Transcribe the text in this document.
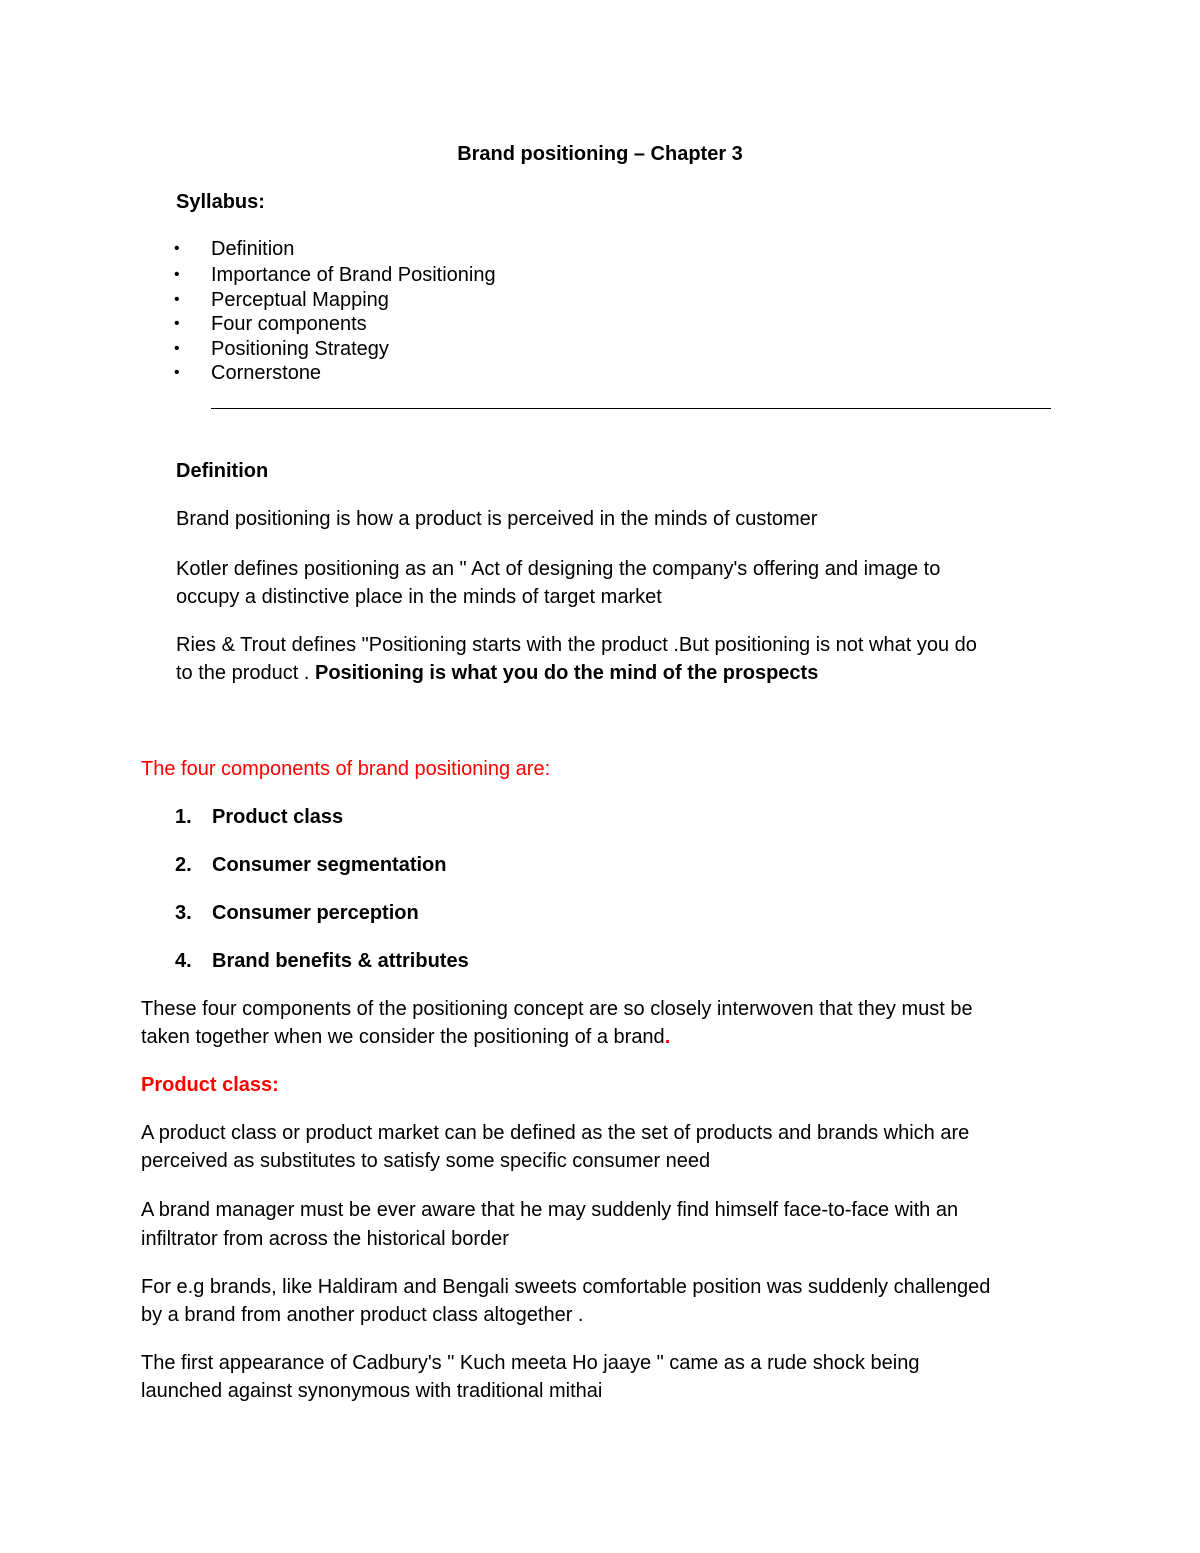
Brand positioning – Chapter 3

Syllabus:

• Definition
• Importance of Brand Positioning
• Perceptual Mapping
• Four components
• Positioning Strategy
• Cornerstone

Definition

Brand positioning is how a product is perceived in the minds of customer

Kotler defines positioning as an " Act of designing the company's offering and image to

occupy a distinctive place in the minds of target market

Ries & Trout defines "Positioning starts with the product .But positioning is not what you do

to the product . Positioning is what you do the mind of the prospects

The four components of brand positioning are:

1. Product class
2. Consumer segmentation
3. Consumer perception
4. Brand benefits & attributes

These four components of the positioning concept are so closely interwoven that they must be

taken together when we consider the positioning of a brand.

Product class:

A product class or product market can be defined as the set of products and brands which are

perceived as substitutes to satisfy some specific consumer need

A brand manager must be ever aware that he may suddenly find himself face-to-face with an

infiltrator from across the historical border

For e.g brands, like Haldiram and Bengali sweets comfortable position was suddenly challenged

by a brand from another product class altogether .

The first appearance of Cadbury's " Kuch meeta Ho jaaye " came as a rude shock being

launched against synonymous with traditional mithai
